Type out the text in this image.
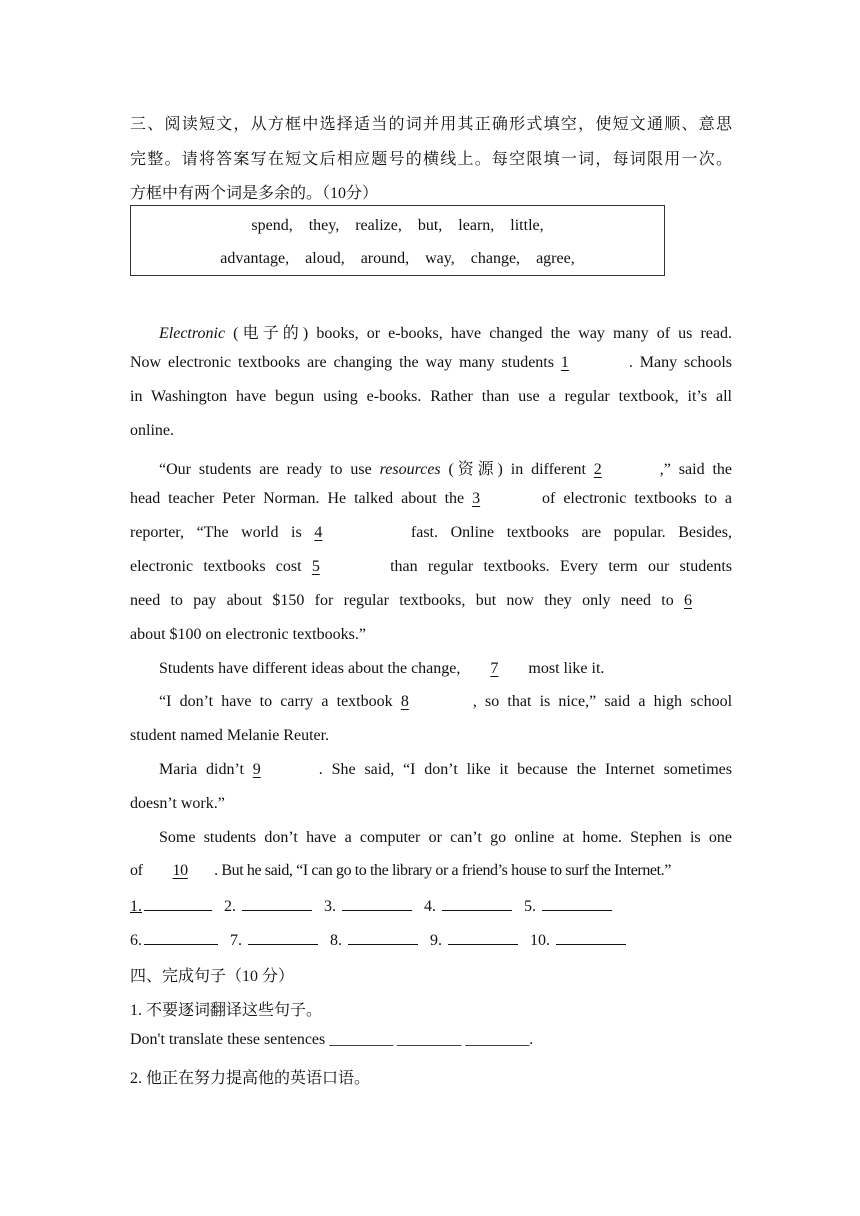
三、阅读短文，从方框中选择适当的词并用其正确形式填空，使短文通顺、意思
完整。请将答案写在短文后相应题号的横线上。每空限填一词，每词限用一次。
方框中有两个词是多余的。（10分）
spend, they, realize, but, learn, little,
advantage, aloud, around, way, change, agree,
Electronic (电子的) books, or e-books, have changed the way many of us read.
Now electronic textbooks are changing the way many students 1	. Many schools
in Washington have begun using e-books. Rather than use a regular textbook, it’s all
online.
“Our students are ready to use resources (资源) in different 2	,” said the
head teacher Peter Norman. He talked about the 3	of electronic textbooks to a
reporter, “The world is 4	fast. Online textbooks are popular. Besides,
electronic textbooks cost 5	than regular textbooks. Every term our students
need to pay about $150 for regular textbooks, but now they only need to 6
about $100 on electronic textbooks.”
Students have different ideas about the change, 7 most like it.
“I don’t have to carry a textbook 8	, so that is nice,” said a high school
student named Melanie Reuter.
Maria didn’t 9	. She said, “I don’t like it because the Internet sometimes
doesn’t work.”
Some students don’t have a computer or can’t go online at home. Stephen is one
of 10 . But he said, “I can go to the library or a friend’s house to surf the Internet.”
1.	2.	3.	4.	5.
6.	7.	8.	9.	10.
四、完成句子（10 分）
1. 不要逐词翻译这些句子。
Don't translate these sentences ________ ________ ________.
2. 他正在努力提高他的英语口语。
